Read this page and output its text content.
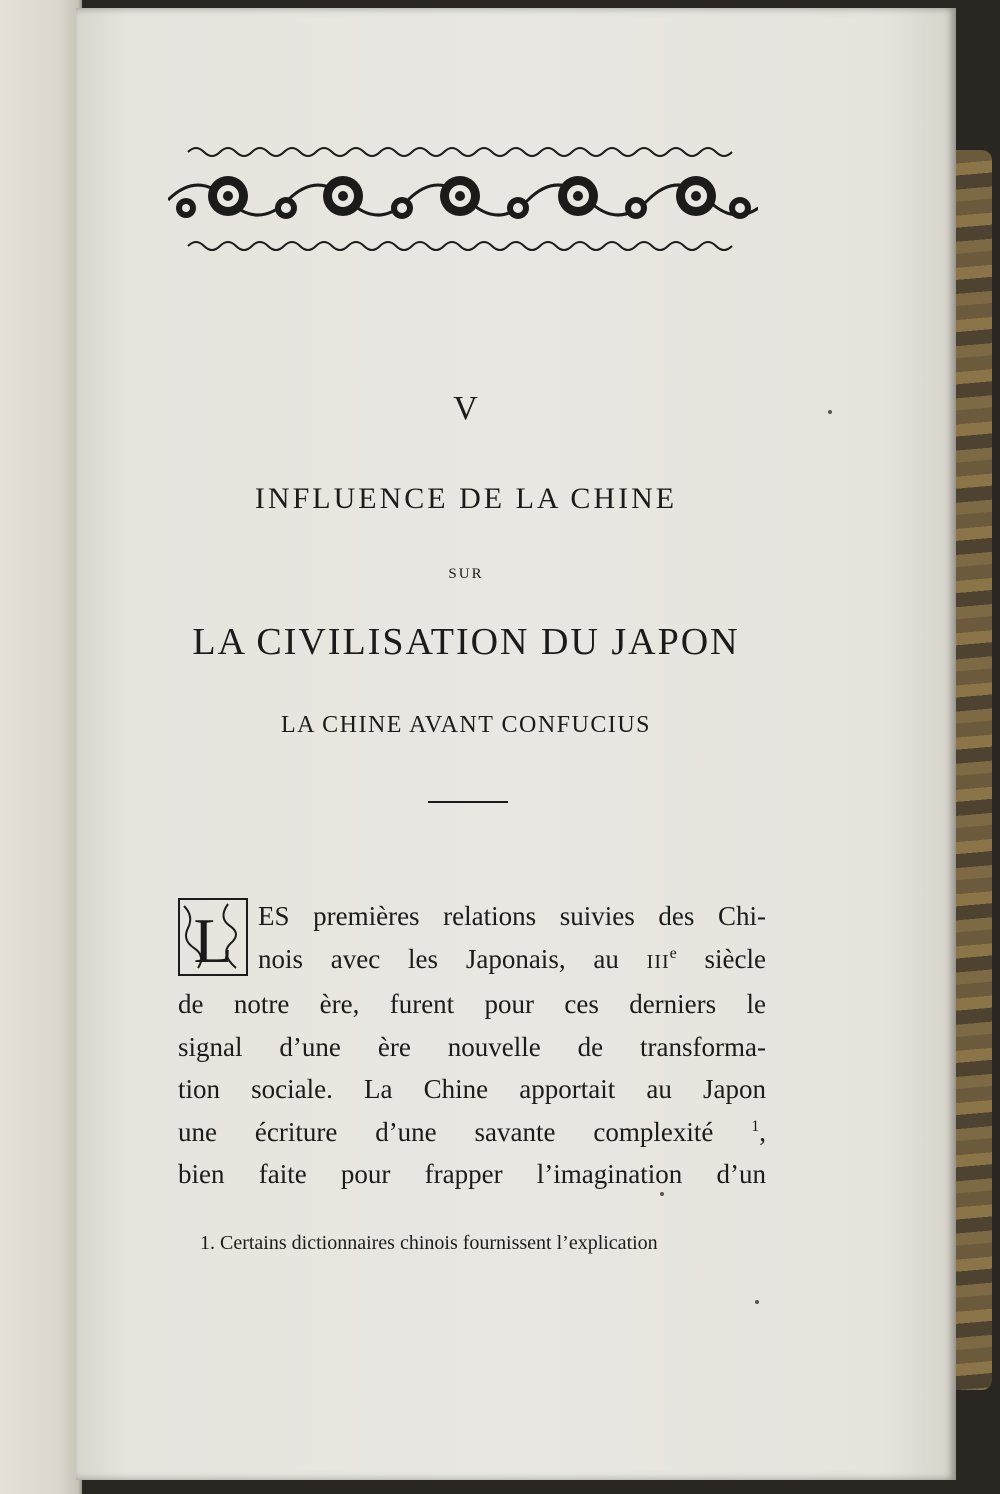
V
INFLUENCE DE LA CHINE
SUR
LA CIVILISATION DU JAPON
LA CHINE AVANT CONFUCIUS
L ES premières relations suivies des Chi-
nois avec les Japonais, au IIIe siècle
de notre ère, furent pour ces derniers le
signal d’une ère nouvelle de transforma-
tion sociale. La Chine apportait au Japon
une écriture d’une savante complexité $^1$,
bien faite pour frapper l’imagination d’un
1. Certains dictionnaires chinois fournissent l’explication
